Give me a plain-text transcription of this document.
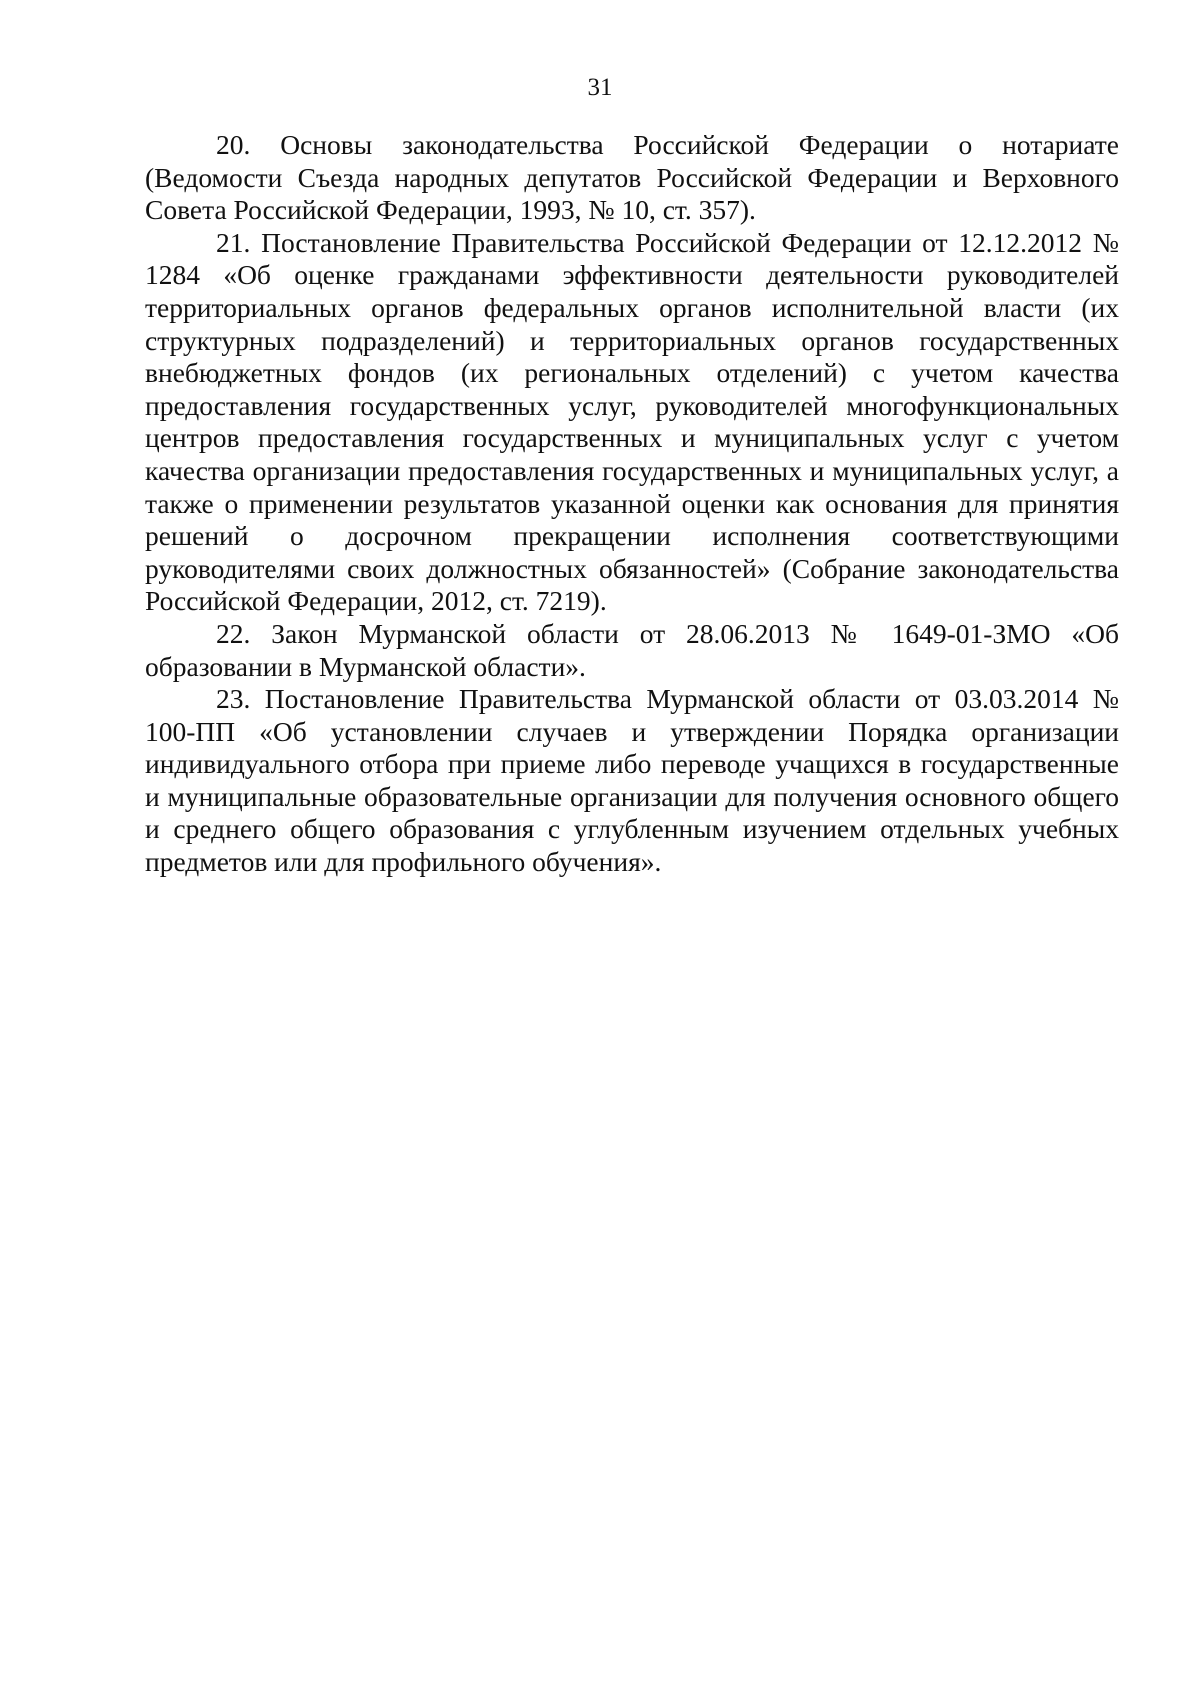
31

20. Основы законодательства Российской Федерации о нотариате (Ведомости Съезда народных депутатов Российской Федерации и Верховного Совета Российской Федерации, 1993, № 10, ст. 357).

21. Постановление Правительства Российской Федерации от 12.12.2012 № 1284 «Об оценке гражданами эффективности деятельности руководителей территориальных органов федеральных органов исполнительной власти (их структурных подразделений) и территориальных органов государственных внебюджетных фондов (их региональных отделений) с учетом качества предоставления государственных услуг, руководителей многофункциональных центров предоставления государственных и муниципальных услуг с учетом качества организации предоставления государственных и муниципальных услуг, а также о применении результатов указанной оценки как основания для принятия решений о досрочном прекращении исполнения соответствующими руководителями своих должностных обязанностей» (Собрание законодательства Российской Федерации, 2012, ст. 7219).

22. Закон Мурманской области от 28.06.2013 № 1649-01-ЗМО «Об образовании в Мурманской области».

23. Постановление Правительства Мурманской области от 03.03.2014 № 100-ПП «Об установлении случаев и утверждении Порядка организации индивидуального отбора при приеме либо переводе учащихся в государственные и муниципальные образовательные организации для получения основного общего и среднего общего образования с углубленным изучением отдельных учебных предметов или для профильного обучения».
